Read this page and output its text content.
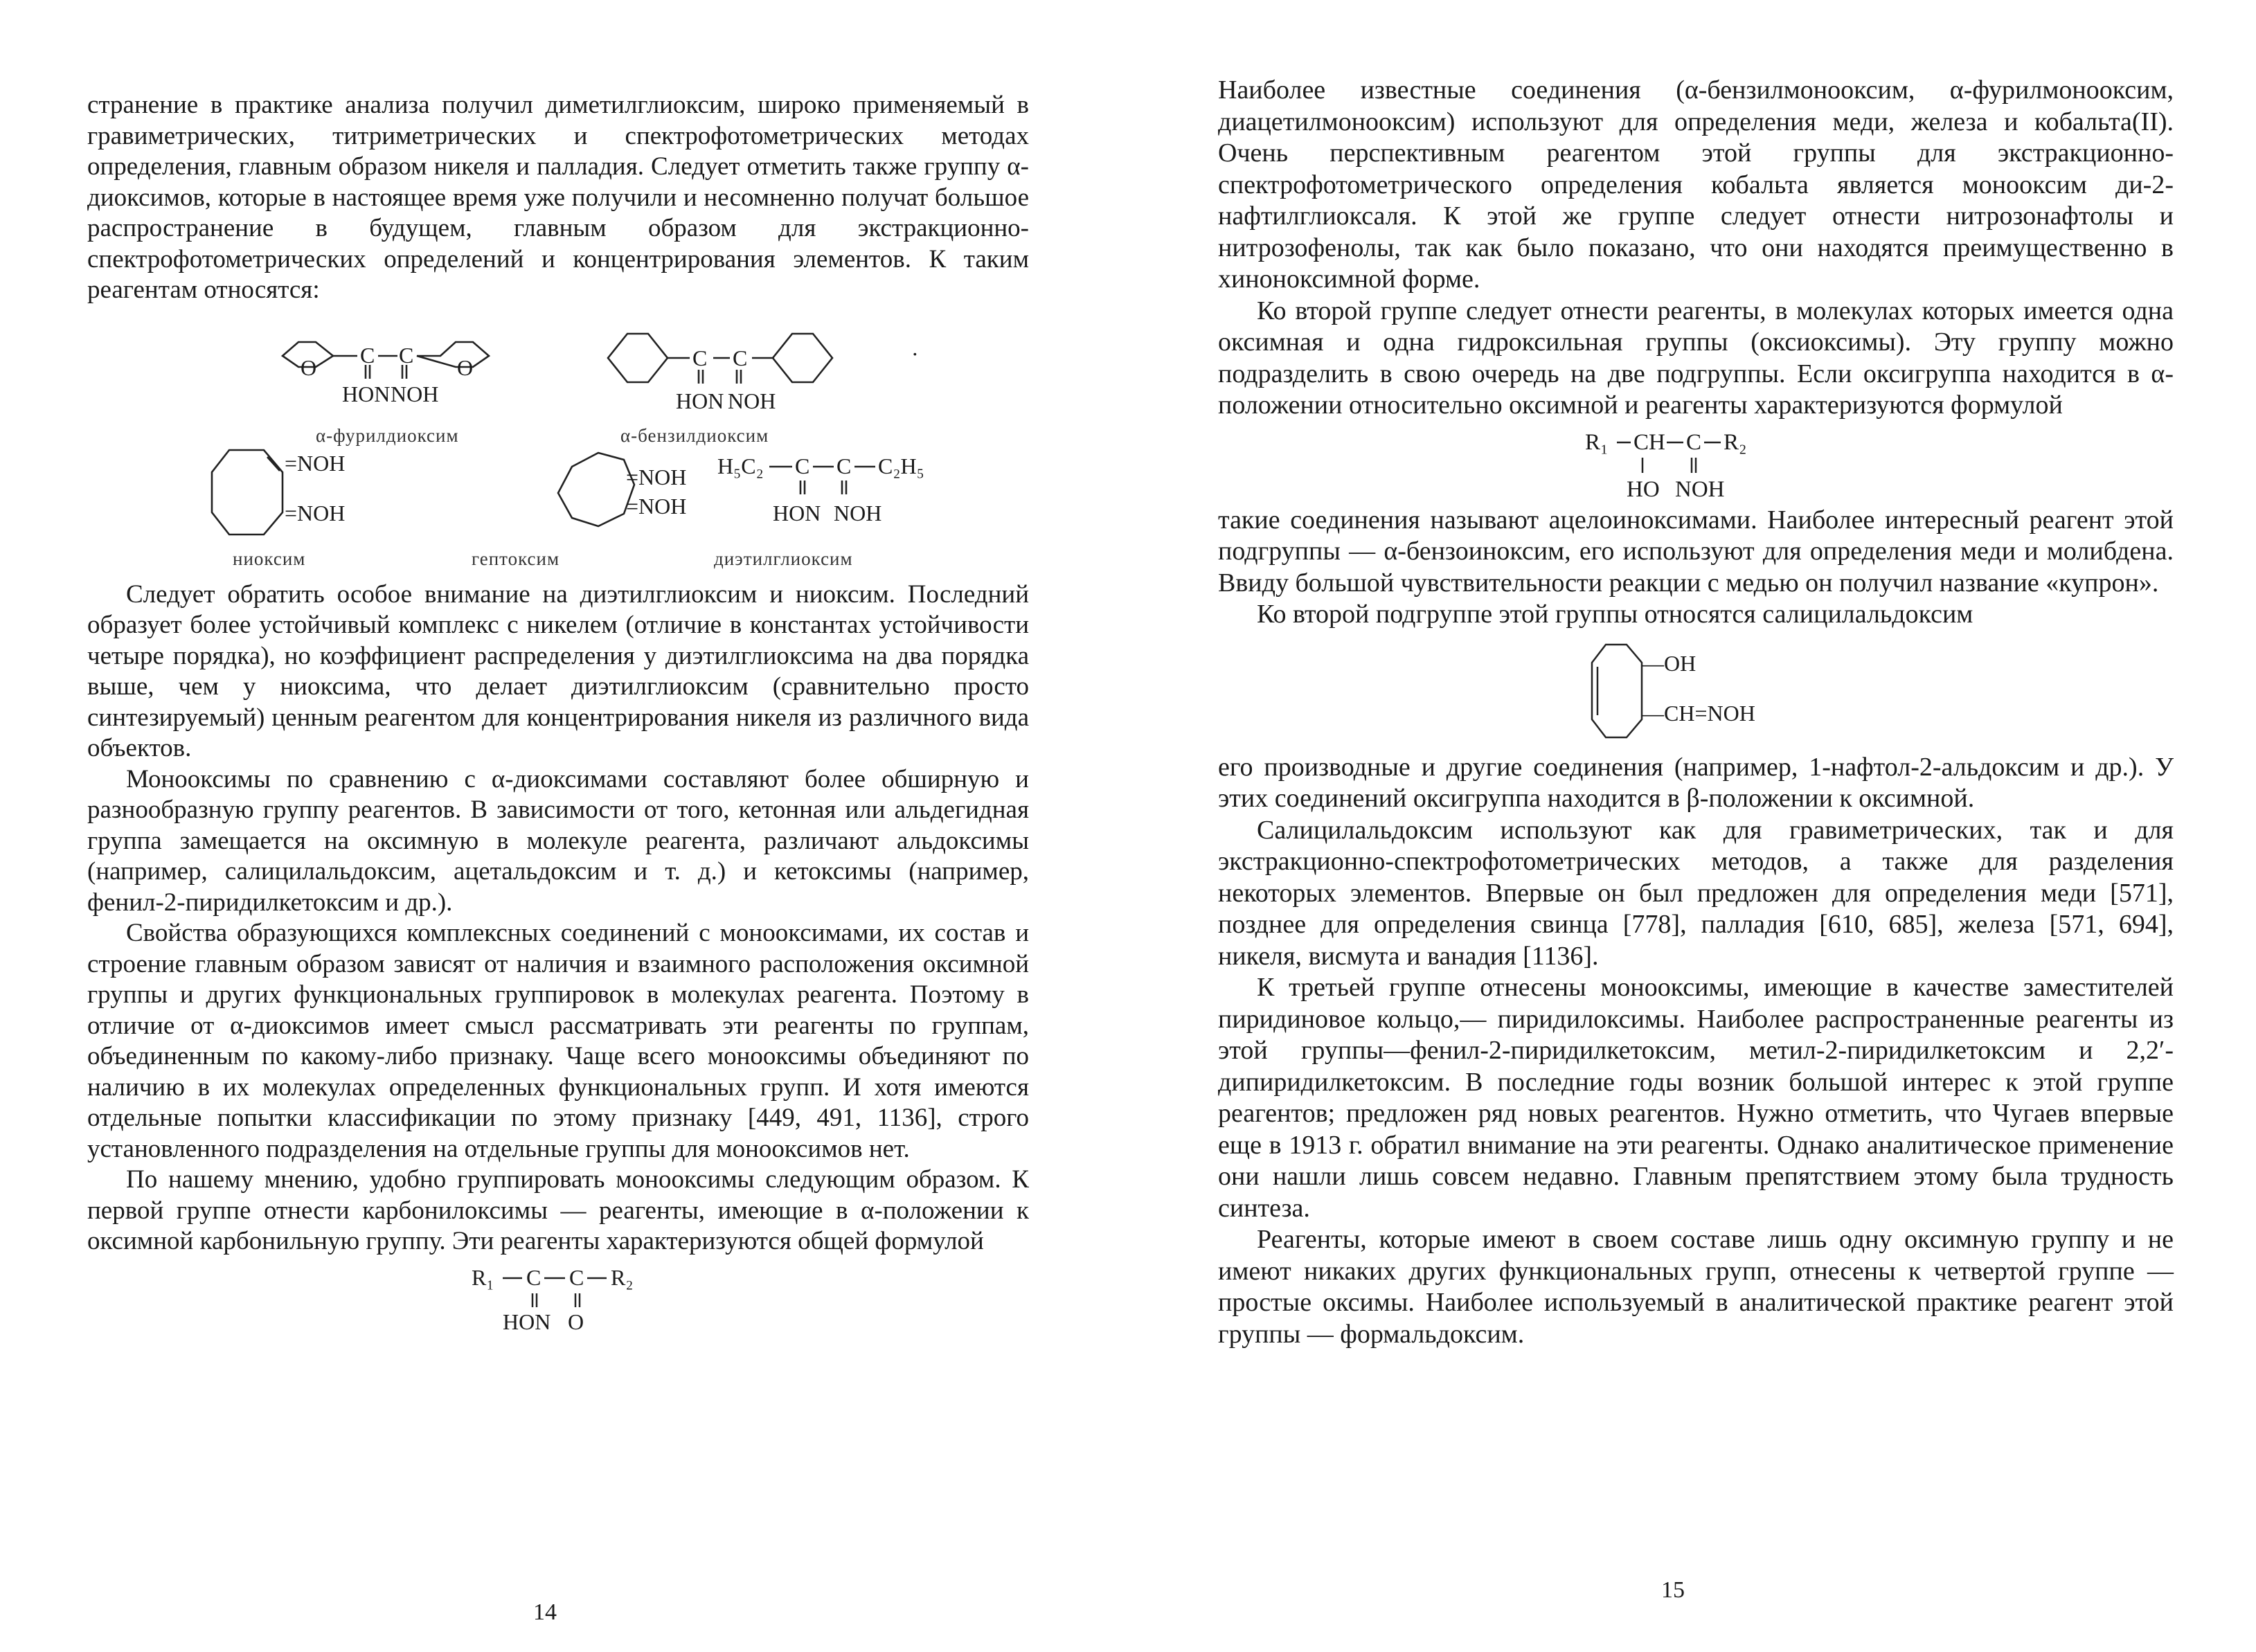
странение в практике анализа получил диметилглиоксим, широко применяемый в гравиметрических, титриметрических и спектрофотометрических методах определения, главным образом никеля и палладия. Следует отметить также группу α-диоксимов, которые в настоящее время уже получили и несомненно получат большое распространение в будущем, главным образом для экстракционно-спектрофотометрических определений и концентрирования элементов. К таким реагентам относятся:

O C C O
HON NOH
C C
HON NOH
·
=NOH
=NOH
=NOH
=NOH
H₅C₂ C C C₂H₅
HON NOH
α-фурилдиоксим	α-бензилдиоксим
ниоксим	гептоксим	диэтилглиоксим

Следует обратить особое внимание на диэтилглиоксим и ниоксим. Последний образует более устойчивый комплекс с никелем (отличие в константах устойчивости четыре порядка), но коэффициент распределения у диэтилглиоксима на два порядка выше, чем у ниоксима, что делает диэтилглиоксим (сравнительно просто синтезируемый) ценным реагентом для концентрирования никеля из различного вида объектов.

Монооксимы по сравнению с α-диоксимами составляют более обширную и разнообразную группу реагентов. В зависимости от того, кетонная или альдегидная группа замещается на оксимную в молекуле реагента, различают альдоксимы (например, салицилальдоксим, ацетальдоксим и т. д.) и кетоксимы (например, фенил-2-пиридилкетоксим и др.).

Свойства образующихся комплексных соединений с монооксимами, их состав и строение главным образом зависят от наличия и взаимного расположения оксимной группы и других функциональных группировок в молекулах реагента. Поэтому в отличие от α-диоксимов имеет смысл рассматривать эти реагенты по группам, объединенным по какому-либо признаку. Чаще всего монооксимы объединяют по наличию в их молекулах определенных функциональных групп. И хотя имеются отдельные попытки классификации по этому признаку [449, 491, 1136], строго установленного подразделения на отдельные группы для монооксимов нет.

По нашему мнению, удобно группировать монооксимы следующим образом. К первой группе отнести карбонилоксимы — реагенты, имеющие в α-положении к оксимной карбонильную группу. Эти реагенты характеризуются общей формулой

R₁ C C R₂
HON O
14

Наиболее известные соединения (α-бензилмонооксим, α-фурилмонооксим, диацетилмонооксим) используют для определения меди, железа и кобальта(II). Очень перспективным реагентом этой группы для экстракционно-спектрофотометрического определения кобальта является монооксим ди-2-нафтилглиоксаля. К этой же группе следует отнести нитрозонафтолы и нитрозофенолы, так как было показано, что они находятся преимущественно в хиноноксимной форме.

Ко второй группе следует отнести реагенты, в молекулах которых имеется одна оксимная и одна гидроксильная группы (оксиоксимы). Эту группу можно подразделить в свою очередь на две подгруппы. Если оксигруппа находится в α-положении относительно оксимной и реагенты характеризуются формулой

R₁ CH C R₂
HO NOH

такие соединения называют ацелоиноксимами. Наиболее интересный реагент этой подгруппы — α-бензоиноксим, его используют для определения меди и молибдена. Ввиду большой чувствительности реакции с медью он получил название «купрон».

Ко второй подгруппе этой группы относятся салицилальдоксим

—OH
—CH=NOH

его производные и другие соединения (например, 1-нафтол-2-альдоксим и др.). У этих соединений оксигруппа находится в β-положении к оксимной.

Салицилальдоксим используют как для гравиметрических, так и для экстракционно-спектрофотометрических методов, а также для разделения некоторых элементов. Впервые он был предложен для определения меди [571], позднее для определения свинца [778], палладия [610, 685], железа [571, 694], никеля, висмута и ванадия [1136].

К третьей группе отнесены монооксимы, имеющие в качестве заместителей пиридиновое кольцо,— пиридилоксимы. Наиболее распространенные реагенты из этой группы—фенил-2-пиридилкетоксим, метил-2-пиридилкетоксим и 2,2′-дипиридилкетоксим. В последние годы возник большой интерес к этой группе реагентов; предложен ряд новых реагентов. Нужно отметить, что Чугаев впервые еще в 1913 г. обратил внимание на эти реагенты. Однако аналитическое применение они нашли лишь совсем недавно. Главным препятствием этому была трудность синтеза.

Реагенты, которые имеют в своем составе лишь одну оксимную группу и не имеют никаких других функциональных групп, отнесены к четвертой группе — простые оксимы. Наиболее используемый в аналитической практике реагент этой группы — формальдоксим.

15
